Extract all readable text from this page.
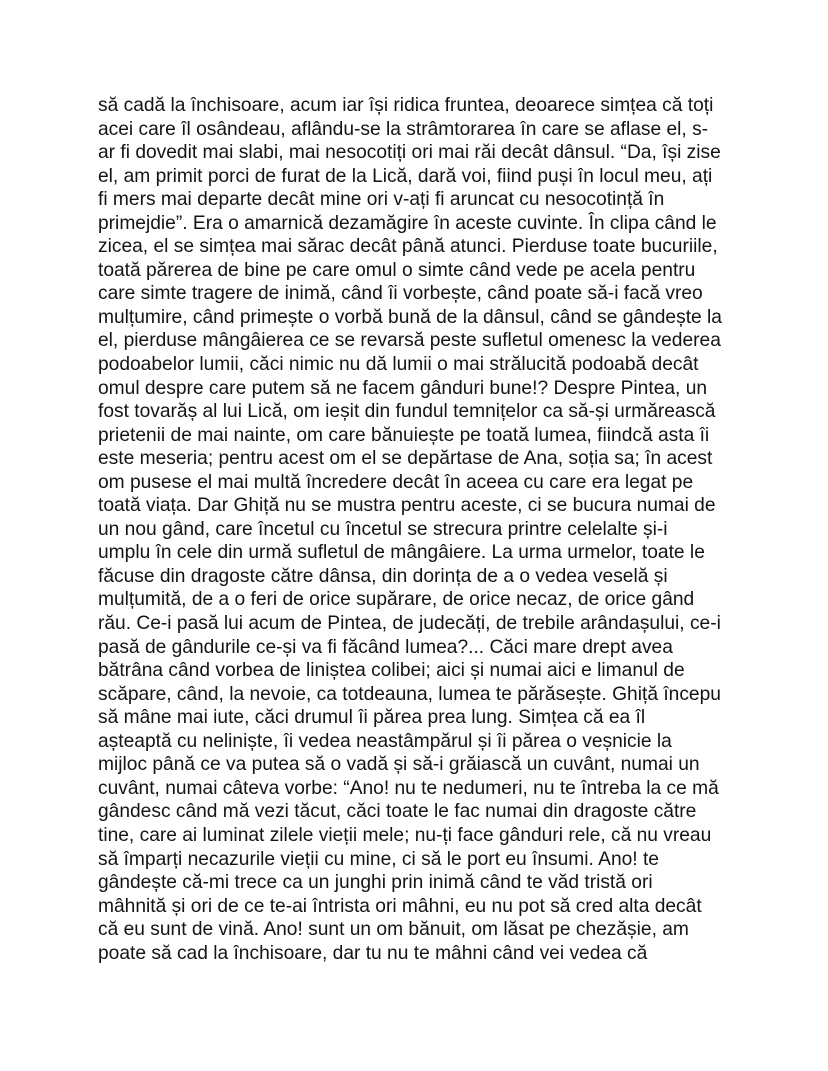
să cadă la închisoare, acum iar își ridica fruntea, deoarece simțea că toți
acei care îl osândeau, aflându-se la strâmtorarea în care se aflase el, s-
ar fi dovedit mai slabi, mai nesocotiți ori mai răi decât dânsul. “Da, își zise
el, am primit porci de furat de la Lică, dară voi, fiind puși în locul meu, ați
fi mers mai departe decât mine ori v-ați fi aruncat cu nesocotință în
primejdie”. Era o amarnică dezamăgire în aceste cuvinte. În clipa când le
zicea, el se simțea mai sărac decât până atunci. Pierduse toate bucuriile,
toată părerea de bine pe care omul o simte când vede pe acela pentru
care simte tragere de inimă, când îi vorbește, când poate să-i facă vreo
mulțumire, când primește o vorbă bună de la dânsul, când se gândește la
el, pierduse mângâierea ce se revarsă peste sufletul omenesc la vederea
podoabelor lumii, căci nimic nu dă lumii o mai strălucită podoabă decât
omul despre care putem să ne facem gânduri bune!? Despre Pintea, un
fost tovarăș al lui Lică, om ieșit din fundul temnițelor ca să-și urmărească
prietenii de mai nainte, om care bănuiește pe toată lumea, fiindcă asta îi
este meseria; pentru acest om el se depărtase de Ana, soția sa; în acest
om pusese el mai multă încredere decât în aceea cu care era legat pe
toată viața. Dar Ghiță nu se mustra pentru aceste, ci se bucura numai de
un nou gând, care încetul cu încetul se strecura printre celelalte și-i
umplu în cele din urmă sufletul de mângâiere. La urma urmelor, toate le
făcuse din dragoste către dânsa, din dorința de a o vedea veselă și
mulțumită, de a o feri de orice supărare, de orice necaz, de orice gând
rău. Ce-i pasă lui acum de Pintea, de judecăți, de trebile arândașului, ce-i
pasă de gândurile ce-și va fi făcând lumea?... Căci mare drept avea
bătrâna când vorbea de liniștea colibei; aici și numai aici e limanul de
scăpare, când, la nevoie, ca totdeauna, lumea te părăsește. Ghiță începu
să mâne mai iute, căci drumul îi părea prea lung. Simțea că ea îl
așteaptă cu neliniște, îi vedea neastâmpărul și îi părea o veșnicie la
mijloc până ce va putea să o vadă și să-i grăiască un cuvânt, numai un
cuvânt, numai câteva vorbe: “Ano! nu te nedumeri, nu te întreba la ce mă
gândesc când mă vezi tăcut, căci toate le fac numai din dragoste către
tine, care ai luminat zilele vieții mele; nu-ți face gânduri rele, că nu vreau
să împarți necazurile vieții cu mine, ci să le port eu însumi. Ano! te
gândește că-mi trece ca un junghi prin inimă când te văd tristă ori
mâhnită și ori de ce te-ai întrista ori mâhni, eu nu pot să cred alta decât
că eu sunt de vină. Ano! sunt un om bănuit, om lăsat pe chezășie, am
poate să cad la închisoare, dar tu nu te mâhni când vei vedea că
